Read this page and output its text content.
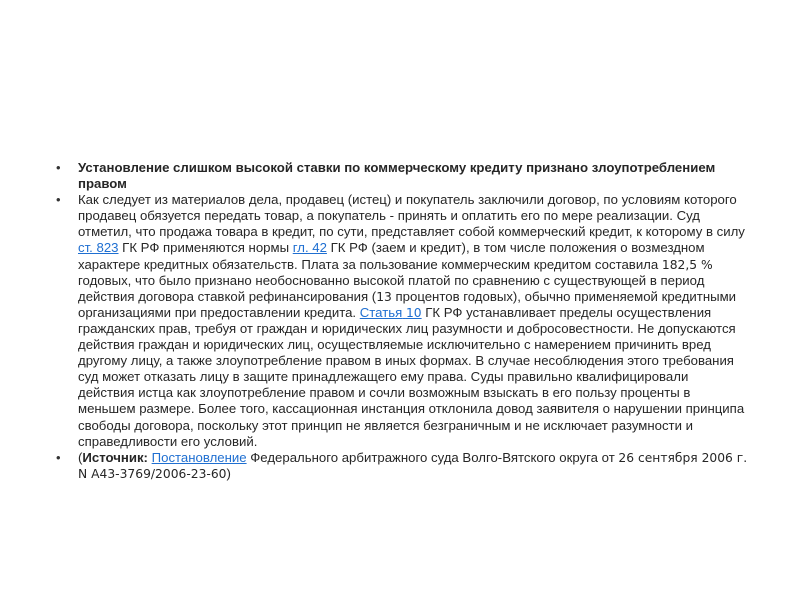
• Установление слишком высокой ставки по коммерческому кредиту признано злоупотреблением правом
• Как следует из материалов дела, продавец (истец) и покупатель заключили договор, по условиям которого продавец обязуется передать товар, а покупатель - принять и оплатить его по мере реализации. Суд отметил, что продажа товара в кредит, по сути, представляет собой коммерческий кредит, к которому в силу ст. 823 ГК РФ применяются нормы гл. 42 ГК РФ (заем и кредит), в том числе положения о возмездном характере кредитных обязательств. Плата за пользование коммерческим кредитом составила 182,5 % годовых, что было признано необоснованно высокой платой по сравнению с существующей в период действия договора ставкой рефинансирования (13 процентов годовых), обычно применяемой кредитными организациями при предоставлении кредита. Статья 10 ГК РФ устанавливает пределы осуществления гражданских прав, требуя от граждан и юридических лиц разумности и добросовестности. Не допускаются действия граждан и юридических лиц, осуществляемые исключительно с намерением причинить вред другому лицу, а также злоупотребление правом в иных формах. В случае несоблюдения этого требования суд может отказать лицу в защите принадлежащего ему права. Суды правильно квалифицировали действия истца как злоупотребление правом и сочли возможным взыскать в его пользу проценты в меньшем размере. Более того, кассационная инстанция отклонила довод заявителя о нарушении принципа свободы договора, поскольку этот принцип не является безграничным и не исключает разумности и справедливости его условий.
• (Источник: Постановление Федерального арбитражного суда Волго-Вятского округа от 26 сентября 2006 г. N А43-3769/2006-23-60)
